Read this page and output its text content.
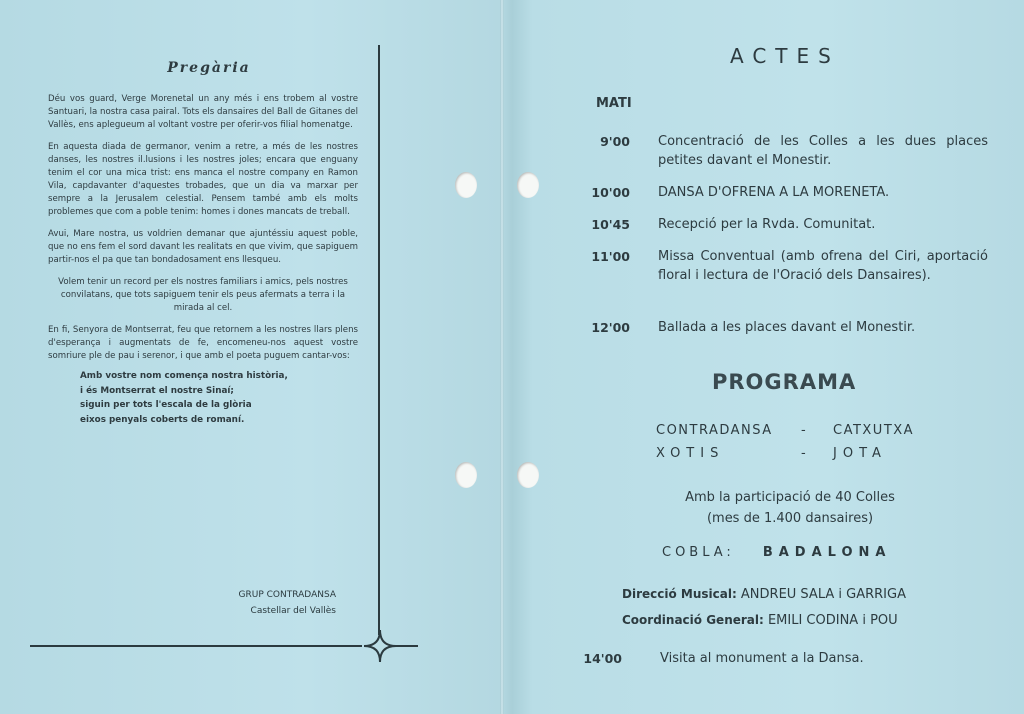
Pregària

Déu vos guard, Verge Morenetal un any més i ens trobem al vostre Santuari, la nostra casa pairal. Tots els dansaires del Ball de Gitanes del Vallès, ens aplegueum al voltant vostre per oferir-vos filial homenatge.

En aquesta diada de germanor, venim a retre, a més de les nostres danses, les nostres il.lusions i les nostres joles; encara que enguany tenim el cor una mica trist: ens manca el nostre company en Ramon Vila, capdavanter d'aquestes trobades, que un dia va marxar per sempre a la Jerusalem celestial. Pensem també amb els molts problemes que com a poble tenim: homes i dones mancats de treball.

Avui, Mare nostra, us voldrien demanar que ajuntéssiu aquest poble, que no ens fem el sord davant les realitats en que vivim, que sapiguem partir-nos el pa que tan bondadosament ens llesqueu.

Volem tenir un record per els nostres familiars i amics, pels nostres convilatans, que tots sapiguem tenir els peus afermats a terra i la mirada al cel.

En fi, Senyora de Montserrat, feu que retornem a les nostres llars plens d'esperança i augmentats de fe, encomeneu-nos aquest vostre somriure ple de pau i serenor, i que amb el poeta puguem cantar-vos:

Amb vostre nom comença nostra història,
i és Montserrat el nostre Sinaí;
siguin per tots l'escala de la glòria
eixos penyals coberts de romaní.
GRUP CONTRADANSA
Castellar del Vallès
ACTES
MATI
9'00 Concentració de les Colles a les dues places petites davant el Monestir.
10'00 DANSA D'OFRENA A LA MORENETA.
10'45 Recepció per la Rvda. Comunitat.
11'00 Missa Conventual (amb ofrena del Ciri, aportació floral i lectura de l'Oració dels Dansaires).
12'00 Ballada a les places davant el Monestir.
PROGRAMA
CONTRADANSA - CATXUTXA
XOTIS	- JOTA
Amb la participació de 40 Colles
(mes de 1.400 dansaires)
COBLA: BADALONA
Direcció Musical: ANDREU SALA i GARRIGA
Coordinació General: EMILI CODINA i POU
14'00	Visita al monument a la Dansa.
